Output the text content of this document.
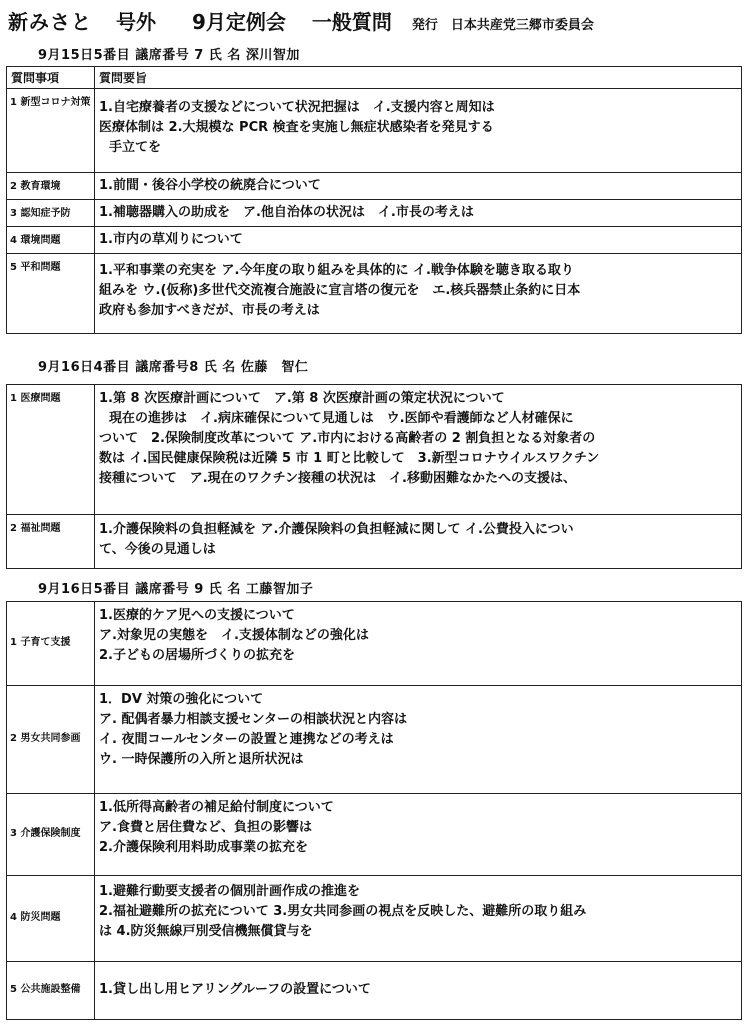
新みさと 号外 9月定例会 一般質問 発行　日本共産党三郷市委員会
9月15日5番目 議席番号 7 氏 名 深川智加
質問事項	質問要旨
1 新型コロナ対策	1.自宅療養者の支援などについて状況把握は　イ.支援内容と周知は
医療体制は 2.大規模な PCR 検査を実施し無症状感染者を発見する
手立てを

2 教育環境	1.前間・後谷小学校の統廃合について

3 認知症予防	1.補聴器購入の助成を　ア.他自治体の状況は　イ.市長の考えは

4 環境問題	1.市内の草刈りについて

5 平和問題	1.平和事業の充実を ア.今年度の取り組みを具体的に イ.戦争体験を聴き取る取り
組みを ウ.(仮称)多世代交流複合施設に宣言塔の復元を　エ.核兵器禁止条約に日本
政府も参加すべきだが、市長の考えは
9月16日4番目 議席番号8 氏 名 佐藤　智仁
1 医療問題	1.第 8 次医療計画について　ア.第 8 次医療計画の策定状況について
現在の進捗は　イ.病床確保について見通しは　ウ.医師や看護師など人材確保に
ついて　2.保険制度改革について ア.市内における高齢者の 2 割負担となる対象者の
数は イ.国民健康保険税は近隣 5 市 1 町と比較して　3.新型コロナウイルスワクチン
接種について　ア.現在のワクチン接種の状況は　イ.移動困難なかたへの支援は、

2 福祉問題	1.介護保険料の負担軽減を ア.介護保険料の負担軽減に関して イ.公費投入につい
て、今後の見通しは
9月16日5番目 議席番号 9 氏 名 工藤智加子
1 子育て支援	1.医療的ケア児への支援について
ア.対象児の実態を　イ.支援体制などの強化は
2.子どもの居場所づくりの拡充を

2 男女共同参画	1．DV 対策の強化について
ア. 配偶者暴力相談支援センターの相談状況と内容は
イ. 夜間コールセンターの設置と連携などの考えは
ウ. 一時保護所の入所と退所状況は

3 介護保険制度	1.低所得高齢者の補足給付制度について
ア.食費と居住費など、負担の影響は
2.介護保険利用料助成事業の拡充を

4 防災問題	1.避難行動要支援者の個別計画作成の推進を
2.福祉避難所の拡充について 3.男女共同参画の視点を反映した、避難所の取り組み
は 4.防災無線戸別受信機無償貸与を

5 公共施設整備	1.貸し出し用ヒアリングルーフの設置について
